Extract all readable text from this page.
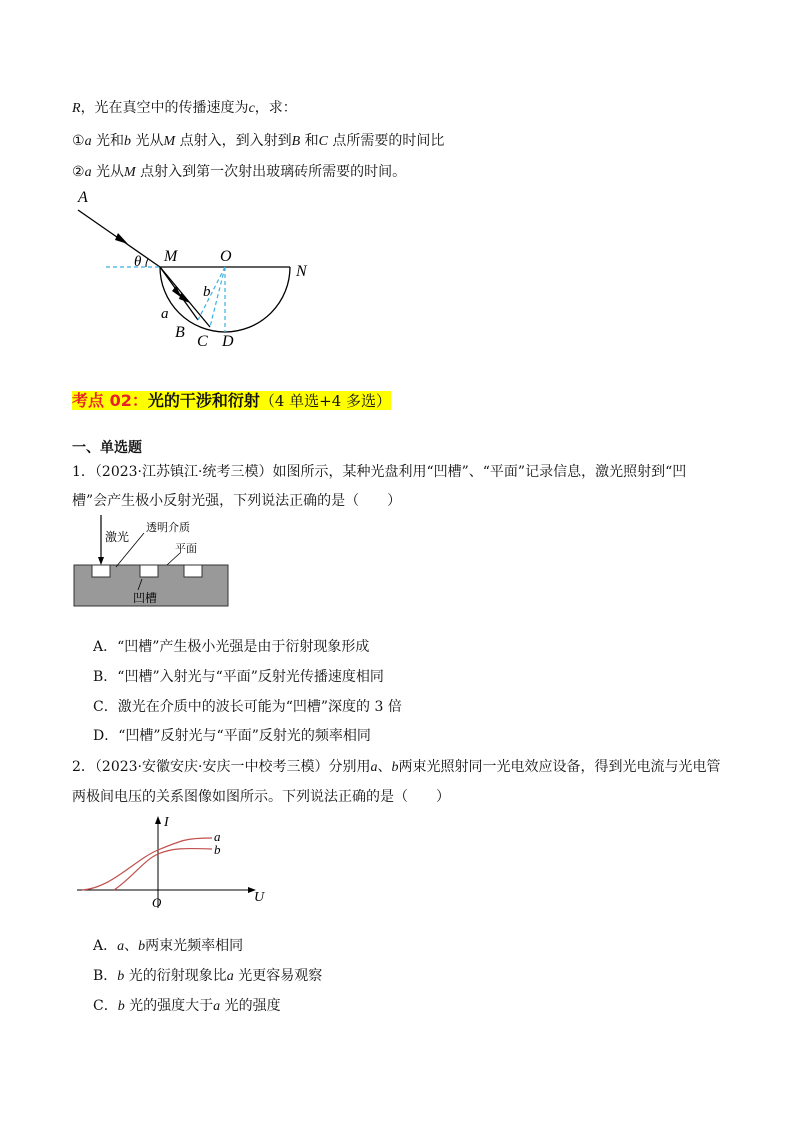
R，光在真空中的传播速度为c，求：
①a 光和b 光从M 点射入，到入射到B 和C 点所需要的时间比
②a 光从M 点射入到第一次射出玻璃砖所需要的时间。
A
θ M	O
N
b
a
B
C D
考点 02：光的干涉和衍射（4 单选+4 多选）
一、单选题
1．（2023·江苏镇江·统考三模）如图所示，某种光盘利用“凹槽”、“平面”记录信息，激光照射到“凹
槽”会产生极小反射光强，下列说法正确的是（　　）
激光
透明介质
平面
凹槽
A．“凹槽”产生极小光强是由于衍射现象形成
B．“凹槽”入射光与“平面”反射光传播速度相同
C．激光在介质中的波长可能为“凹槽”深度的 3 倍
D．“凹槽”反射光与“平面”反射光的频率相同
2．（2023·安徽安庆·安庆一中校考三模）分别用a、b两束光照射同一光电效应设备，得到光电流与光电管
两极间电压的关系图像如图所示。下列说法正确的是（　　）
I
U
O
a
b
A．a、b两束光频率相同
B．b 光的衍射现象比a 光更容易观察
C．b 光的强度大于a 光的强度
